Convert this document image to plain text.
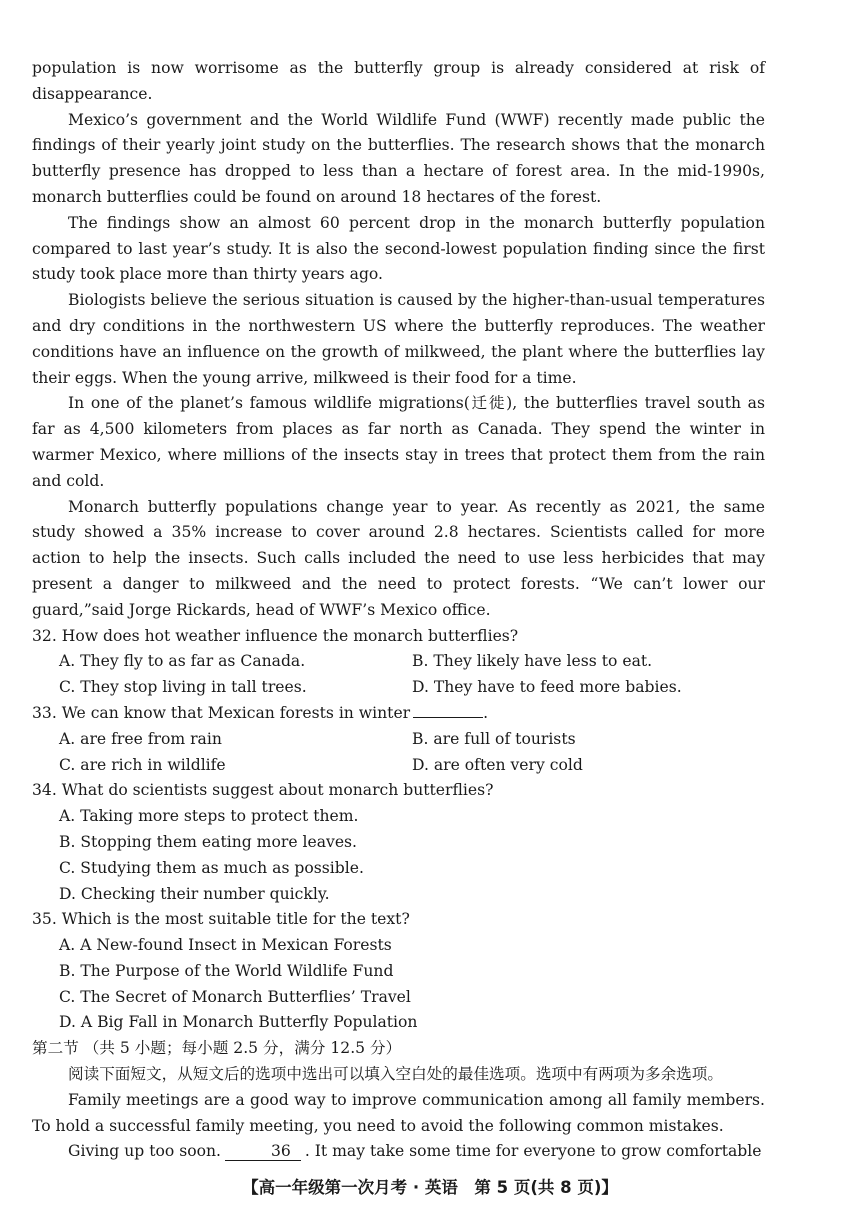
population is now worrisome as the butterfly group is already considered at risk of disappearance.

Mexico’s government and the World Wildlife Fund (WWF) recently made public the findings of their yearly joint study on the butterflies. The research shows that the monarch butterfly presence has dropped to less than a hectare of forest area. In the mid-1990s, monarch butterflies could be found on around 18 hectares of the forest.

The findings show an almost 60 percent drop in the monarch butterfly population compared to last year’s study. It is also the second-lowest population finding since the first study took place more than thirty years ago.

Biologists believe the serious situation is caused by the higher-than-usual temperatures and dry conditions in the northwestern US where the butterfly reproduces. The weather conditions have an influence on the growth of milkweed, the plant where the butterflies lay their eggs. When the young arrive, milkweed is their food for a time.

In one of the planet’s famous wildlife migrations(迁徙), the butterflies travel south as far as 4,500 kilometers from places as far north as Canada. They spend the winter in warmer Mexico, where millions of the insects stay in trees that protect them from the rain and cold.

Monarch butterfly populations change year to year. As recently as 2021, the same study showed a 35% increase to cover around 2.8 hectares. Scientists called for more action to help the insects. Such calls included the need to use less herbicides that may present a danger to milkweed and the need to protect forests. “We can’t lower our guard,”said Jorge Rickards, head of WWF’s Mexico office.

32. How does hot weather influence the monarch butterflies?

A. They fly to as far as Canada.	B. They likely have less to eat.
C. They stop living in tall trees.	D. They have to feed more babies.

33. We can know that Mexican forests in winter	.

A. are free from rain	B. are full of tourists
C. are rich in wildlife	D. are often very cold

34. What do scientists suggest about monarch butterflies?

A. Taking more steps to protect them.
B. Stopping them eating more leaves.
C. Studying them as much as possible.
D. Checking their number quickly.

35. Which is the most suitable title for the text?

A. A New-found Insect in Mexican Forests
B. The Purpose of the World Wildlife Fund
C. The Secret of Monarch Butterflies’ Travel
D. A Big Fall in Monarch Butterfly Population

第二节 （共 5 小题；每小题 2.5 分，满分 12.5 分）

阅读下面短文，从短文后的选项中选出可以填入空白处的最佳选项。选项中有两项为多余选项。

Family meetings are a good way to improve communication among all family members. To hold a successful family meeting, you need to avoid the following common mistakes.

Giving up too soon.	36 . It may take some time for everyone to grow comfortable

【高一年级第一次月考 · 英语　第 5 页(共 8 页)】
